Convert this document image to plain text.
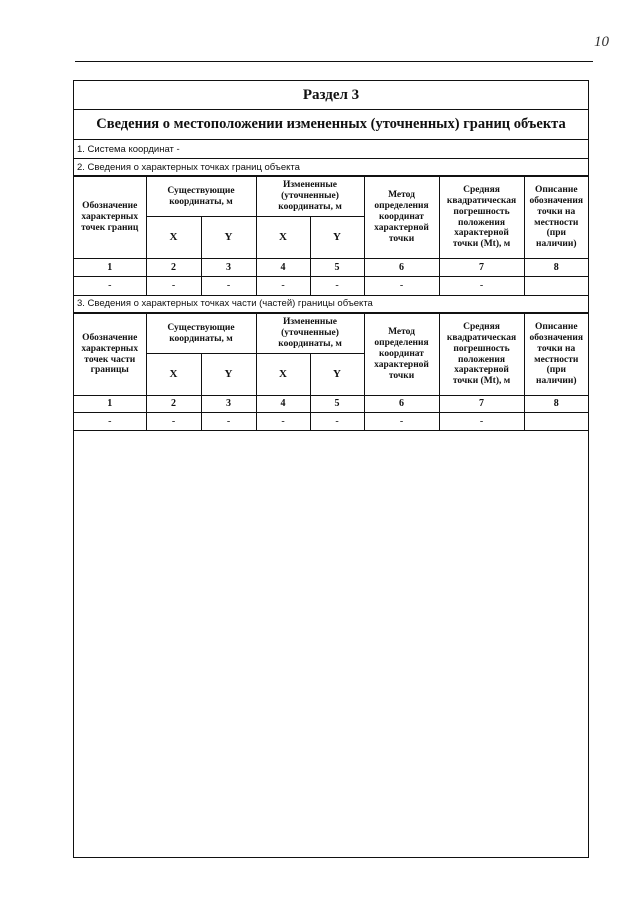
10
Раздел 3
Сведения о местоположении измененных (уточненных) границ объекта
1. Система координат -
2. Сведения о характерных точках границ объекта
Обозначение характерных точек границ	Существующие координаты, м		Измененные (уточненные) координаты, м		Метод определения координат характерной точки	Средняя квадратическая погрешность положения характерной точки (Mt), м	Описание обозначения точки на местности (при наличии)
	X	Y	X	Y			
1	2	3	4	5	6	7	8
-	-	-	-	-	-	-	
3. Сведения о характерных точках части (частей) границы объекта
Обозначение характерных точек части границы	Существующие координаты, м		Измененные (уточненные) координаты, м		Метод определения координат характерной точки	Средняя квадратическая погрешность положения характерной точки (Mt), м	Описание обозначения точки на местности (при наличии)
	X	Y	X	Y			
1	2	3	4	5	6	7	8
-	-	-	-	-	-	-	
